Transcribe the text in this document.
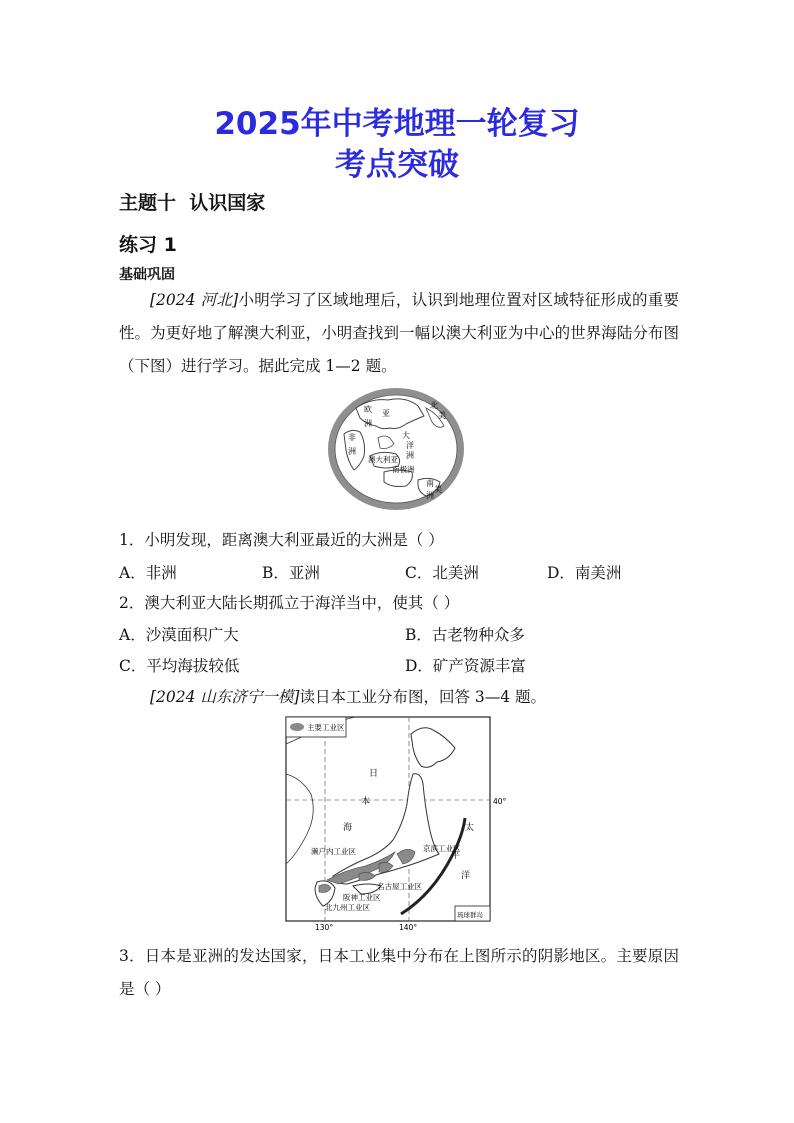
2025年中考地理一轮复习
考点突破
主题十  认识国家
练习 1
基础巩固
[2024 河北]小明学习了区域地理后，认识到地理位置对区域特征形成的重要性。为更好地了解澳大利亚，小明查找到一幅以澳大利亚为中心的世界海陆分布图（下图）进行学习。据此完成 1—2 题。
欧 亚
洲
非
洲
大
洋
洲
澳大利亚
南极洲
北
美
南
美
洲
1．小明发现，距离澳大利亚最近的大洲是（ ）
A．非洲	B．亚洲	C．北美洲	D．南美洲
2．澳大利亚大陆长期孤立于海洋当中，使其（ ）
A．沙漠面积广大	B．古老物种众多
C．平均海拔较低	D．矿产资源丰富
[2024 山东济宁一模]读日本工业分布图，回答 3—4 题。
琉球群岛
主要工业区
日
本
海	太
平
洋
濑户内工业区	京滨工业区
名古屋工业区
阪神工业区
北九州工业区
40°
130°	140°
3．日本是亚洲的发达国家，日本工业集中分布在上图所示的阴影地区。主要原因是（ ）
